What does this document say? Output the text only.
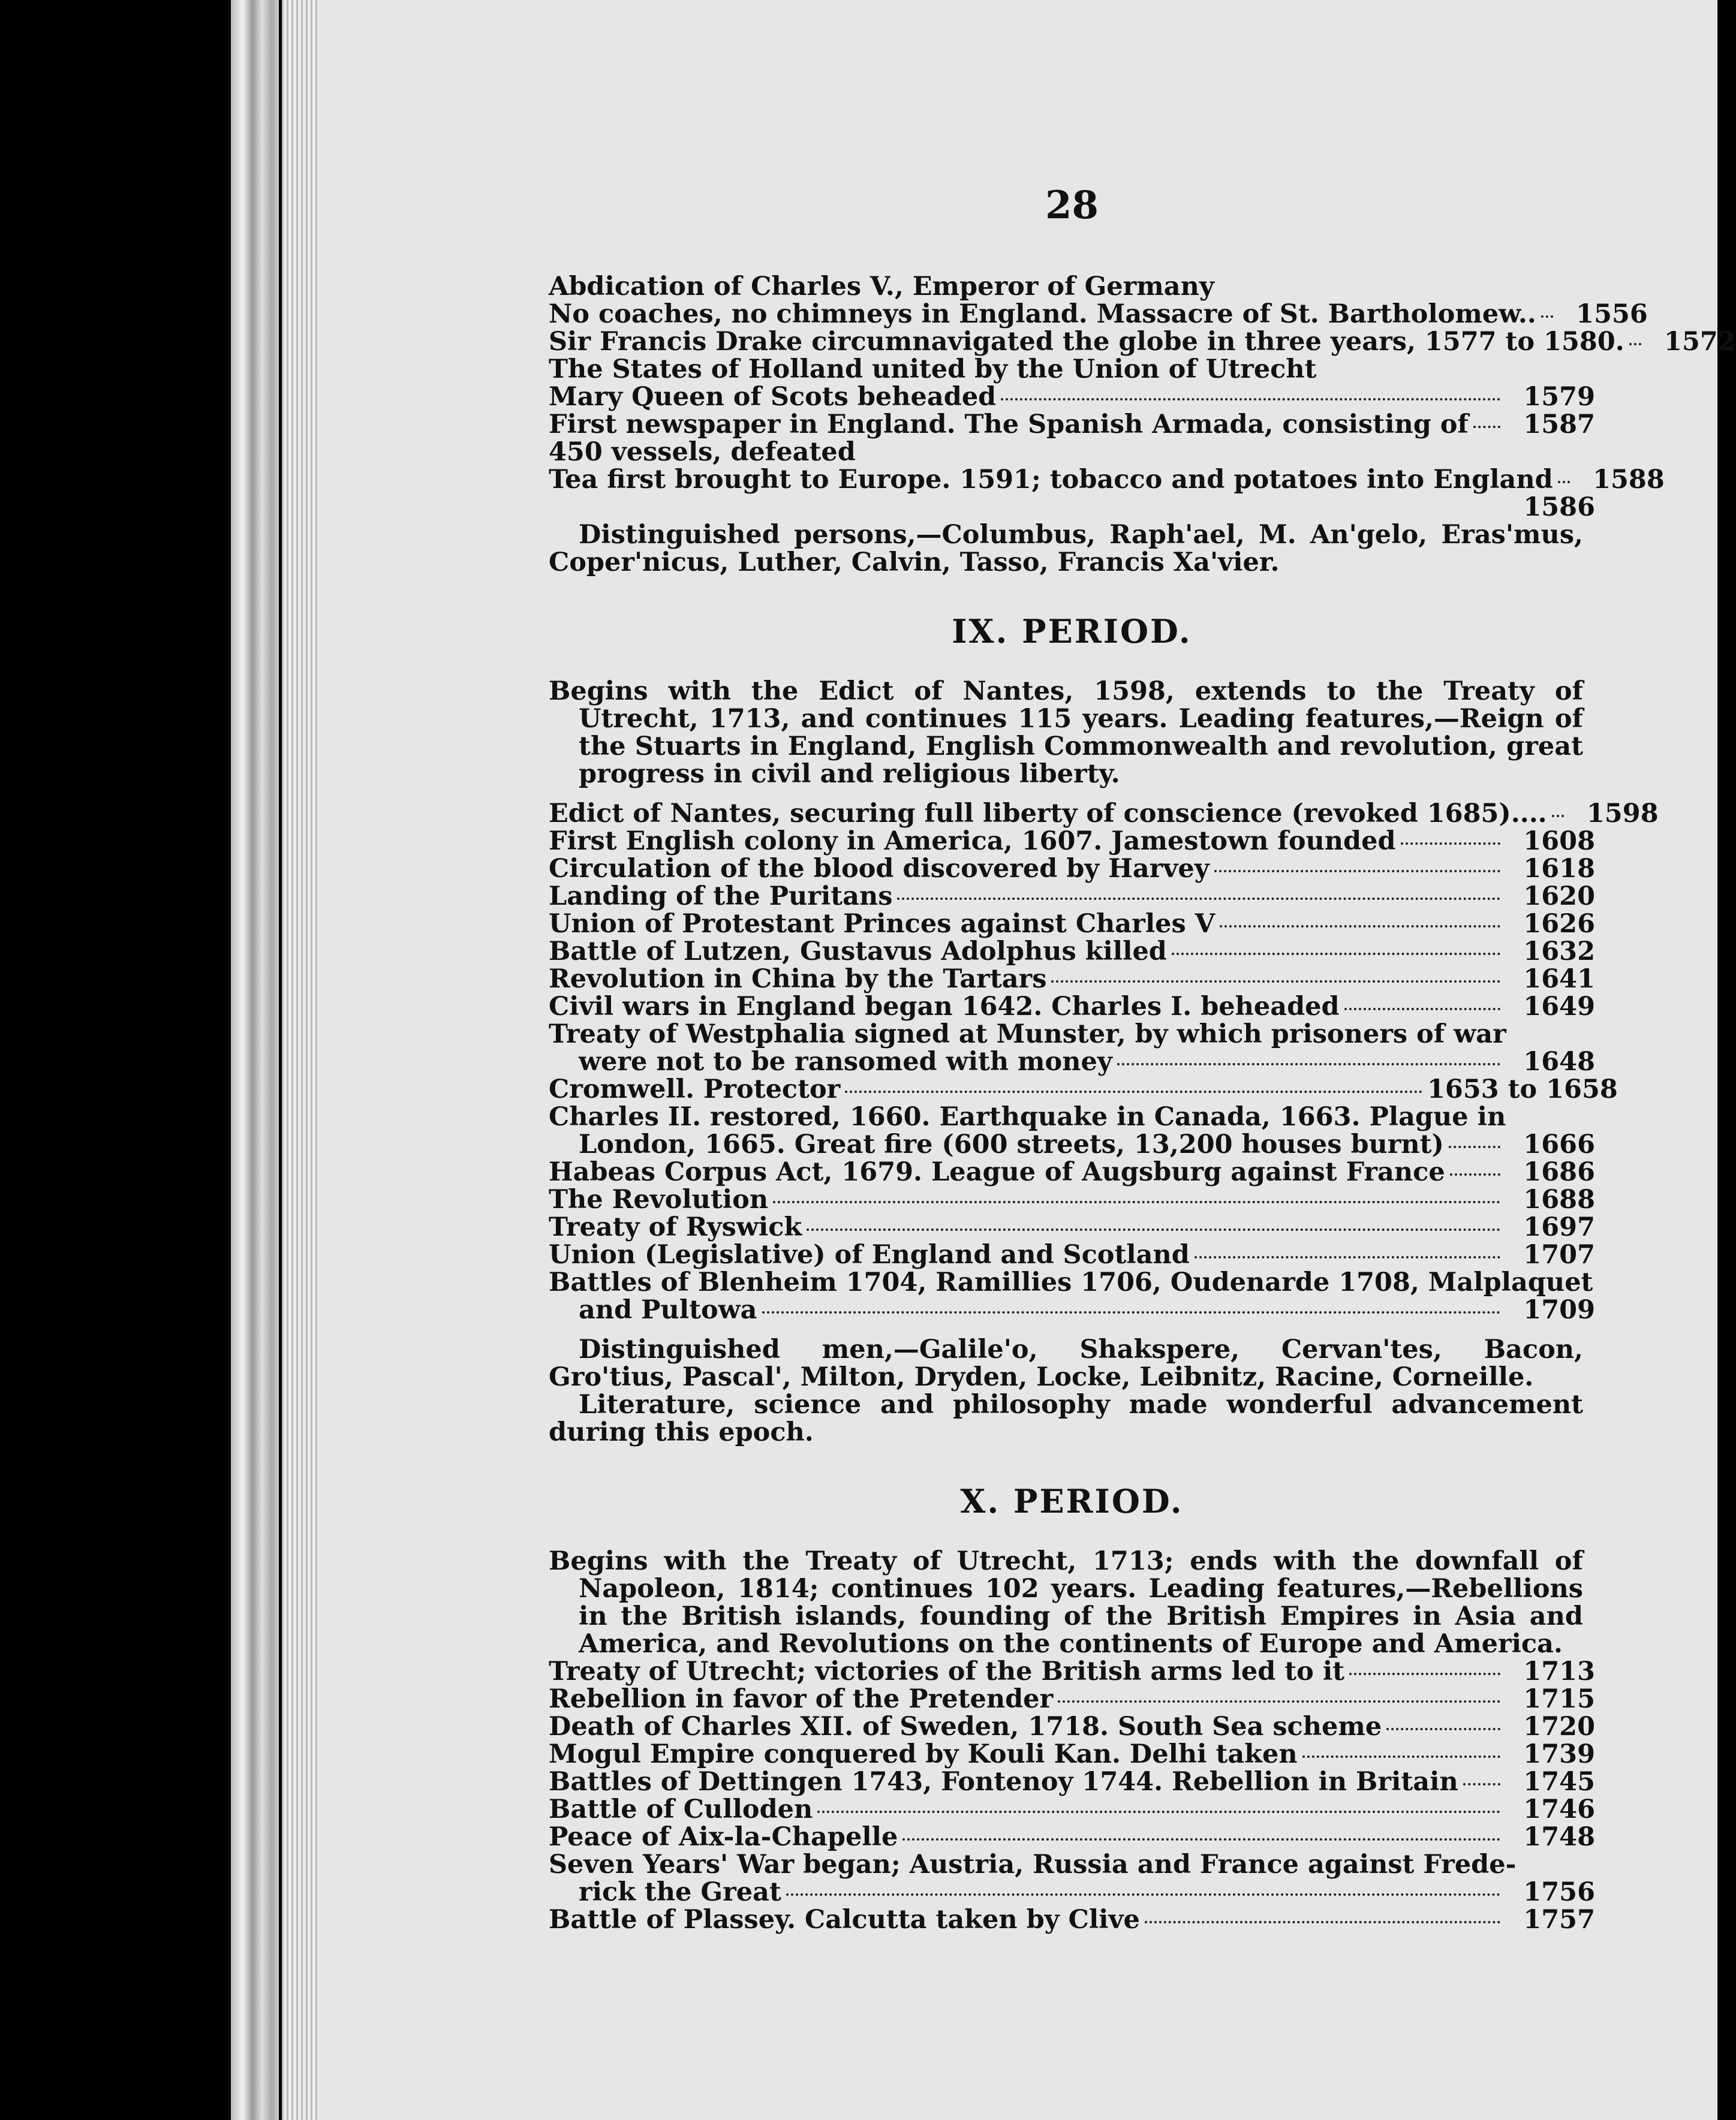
28
Abdication of Charles V., Emperor of Germany
No coaches, no chimneys in England. Massacre of St. Bartholomew..	1556
Sir Francis Drake circumnavigated the globe in three years, 1577 to 1580.	1572
The States of Holland united by the Union of Utrecht
Mary Queen of Scots beheaded	1579
First newspaper in England. The Spanish Armada, consisting of	1587
450 vessels, defeated
Tea first brought to Europe. 1591; tobacco and potatoes into England	1588
1586
Distinguished persons,—Columbus, Raph'ael, M. An'gelo, Eras'mus, Coper'nicus, Luther, Calvin, Tasso, Francis Xa'vier.
IX. PERIOD.
Begins with the Edict of Nantes, 1598, extends to the Treaty of Utrecht, 1713, and continues 115 years. Leading features,—Reign of the Stuarts in England, English Commonwealth and revolution, great progress in civil and religious liberty.
Edict of Nantes, securing full liberty of conscience (revoked 1685)....	1598
First English colony in America, 1607. Jamestown founded	1608
Circulation of the blood discovered by Harvey	1618
Landing of the Puritans	1620
Union of Protestant Princes against Charles V	1626
Battle of Lutzen, Gustavus Adolphus killed	1632
Revolution in China by the Tartars	1641
Civil wars in England began 1642. Charles I. beheaded	1649
Treaty of Westphalia signed at Munster, by which prisoners of war
were not to be ransomed with money	1648
Cromwell. Protector	1653 to 1658
Charles II. restored, 1660. Earthquake in Canada, 1663. Plague in
London, 1665. Great fire (600 streets, 13,200 houses burnt)	1666
Habeas Corpus Act, 1679. League of Augsburg against France	1686
The Revolution	1688
Treaty of Ryswick	1697
Union (Legislative) of England and Scotland	1707
Battles of Blenheim 1704, Ramillies 1706, Oudenarde 1708, Malplaquet
and Pultowa	1709
Distinguished men,—Galile'o, Shakspere, Cervan'tes, Bacon, Gro'tius, Pascal', Milton, Dryden, Locke, Leibnitz, Racine, Corneille.
Literature, science and philosophy made wonderful advancement during this epoch.
X. PERIOD.
Begins with the Treaty of Utrecht, 1713; ends with the downfall of Napoleon, 1814; continues 102 years. Leading features,—Rebellions in the British islands, founding of the British Empires in Asia and America, and Revolutions on the continents of Europe and America.
Treaty of Utrecht; victories of the British arms led to it	1713
Rebellion in favor of the Pretender	1715
Death of Charles XII. of Sweden, 1718. South Sea scheme	1720
Mogul Empire conquered by Kouli Kan. Delhi taken	1739
Battles of Dettingen 1743, Fontenoy 1744. Rebellion in Britain	1745
Battle of Culloden	1746
Peace of Aix-la-Chapelle	1748
Seven Years' War began; Austria, Russia and France against Frede-
rick the Great	1756
Battle of Plassey. Calcutta taken by Clive	1757
